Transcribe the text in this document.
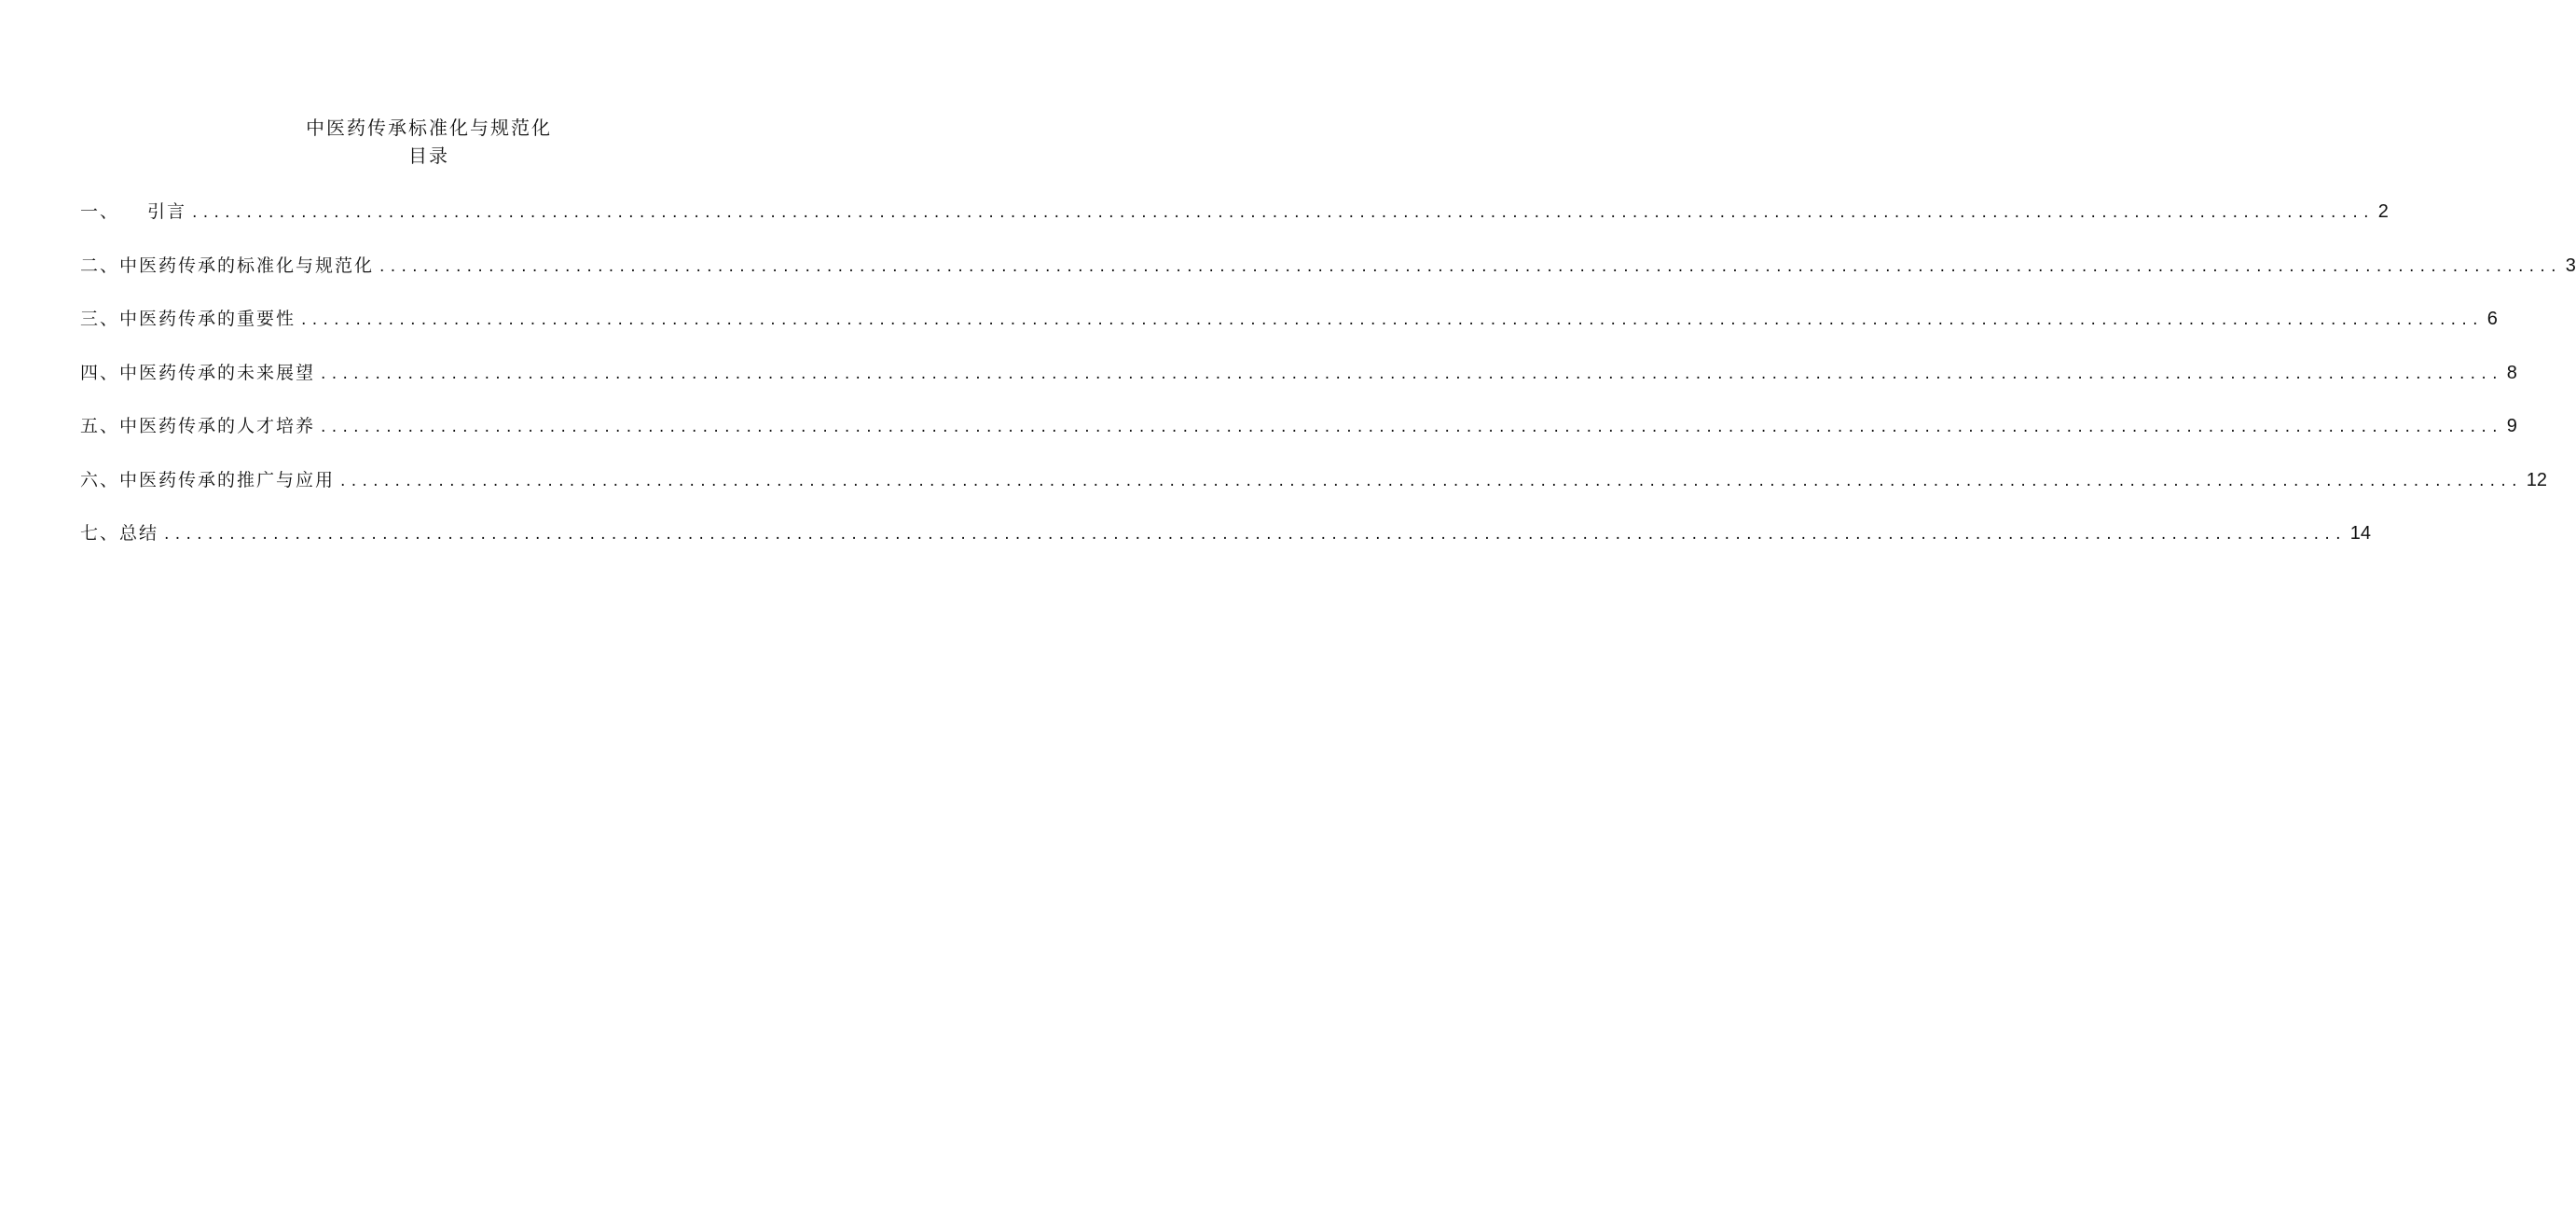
中医药传承标准化与规范化
目录
一、 引言 ........................................................................................................................................................................................................ 2
二、中医药传承的标准化与规范化 ........................................................................................................................................................................................................ 3
三、中医药传承的重要性 ........................................................................................................................................................................................................ 6
四、中医药传承的未来展望 ........................................................................................................................................................................................................ 8
五、中医药传承的人才培养 ........................................................................................................................................................................................................ 9
六、中医药传承的推广与应用 ........................................................................................................................................................................................................ 12
七、总结 ........................................................................................................................................................................................................ 14
